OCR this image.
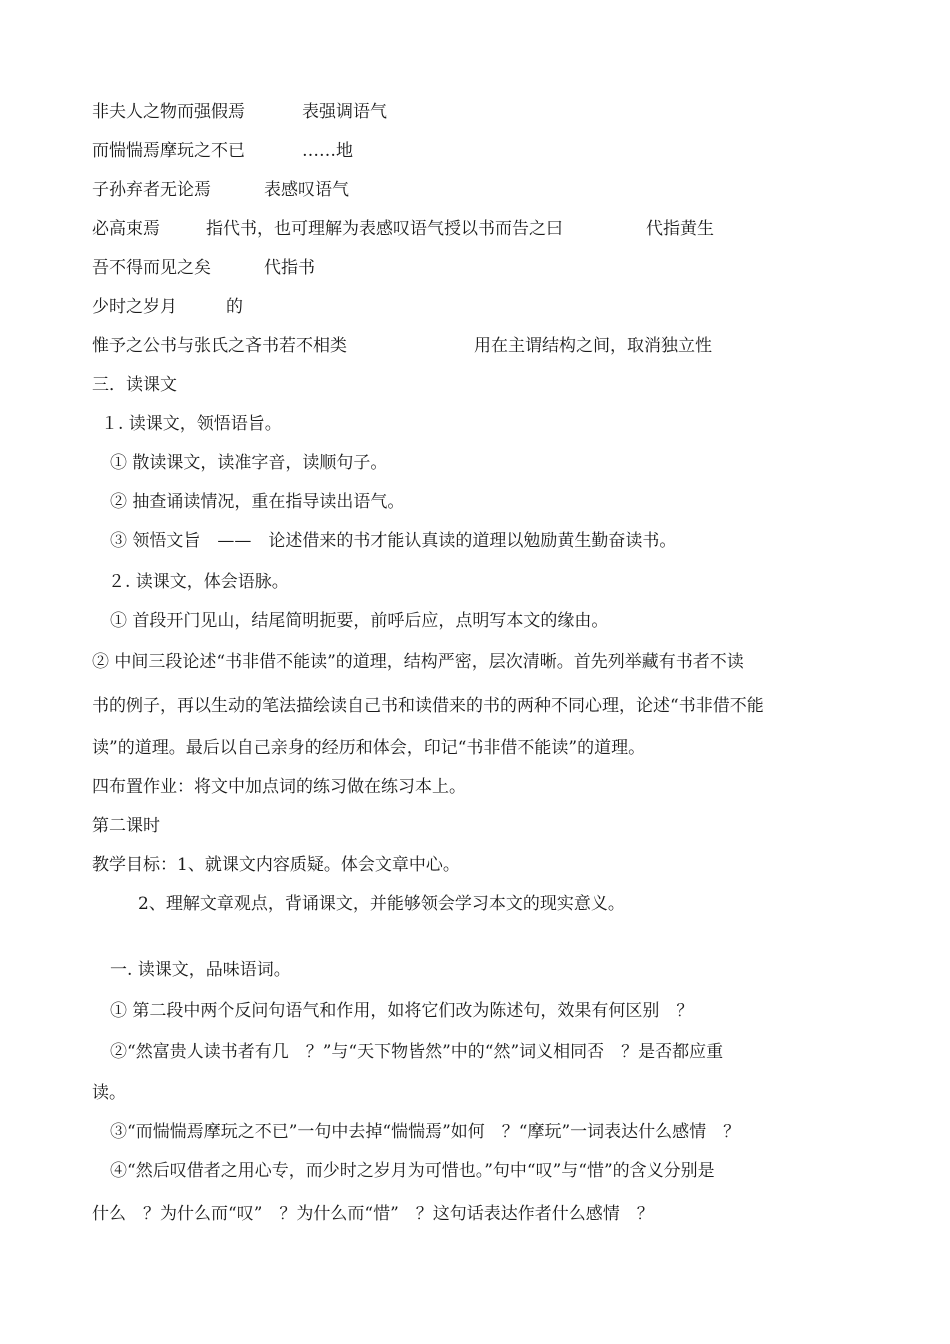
非夫人之物而强假焉	表强调语气
而惴惴焉摩玩之不已	……地
子孙弃者无论焉	表感叹语气
必高束焉	指代书，也可理解为表感叹语气授以书而告之曰	代指黄生
吾不得而见之矣	代指书
少时之岁月	的
惟予之公书与张氏之吝书若不相类	用在主谓结构之间，取消独立性
三．读课文
１. 读课文，领悟语旨。
① 散读课文，读准字音，读顺句子。
② 抽查诵读情况，重在指导读出语气。
③ 领悟文旨　——　论述借来的书才能认真读的道理以勉励黄生勤奋读书。
２. 读课文，体会语脉。
① 首段开门见山，结尾简明扼要，前呼后应，点明写本文的缘由。
② 中间三段论述“书非借不能读”的道理，结构严密，层次清晰。首先列举藏有书者不读
书的例子，再以生动的笔法描绘读自己书和读借来的书的两种不同心理，论述“书非借不能
读”的道理。最后以自己亲身的经历和体会，印记“书非借不能读”的道理。
四布置作业：将文中加点词的练习做在练习本上。
第二课时
教学目标：1、就课文内容质疑。体会文章中心。
2、理解文章观点，背诵课文，并能够领会学习本文的现实意义。
一. 读课文，品味语词。
① 第二段中两个反问句语气和作用，如将它们改为陈述句，效果有何区别　？
②“然富贵人读书者有几　？”与“天下物皆然”中的“然”词义相同否　？是否都应重
读。
③“而惴惴焉摩玩之不已”一句中去掉“惴惴焉”如何　？“摩玩”一词表达什么感情　？
④“然后叹借者之用心专，而少时之岁月为可惜也。”句中“叹”与“惜”的含义分别是
什么　？为什么而“叹”　？为什么而“惜”　？这句话表达作者什么感情　？
